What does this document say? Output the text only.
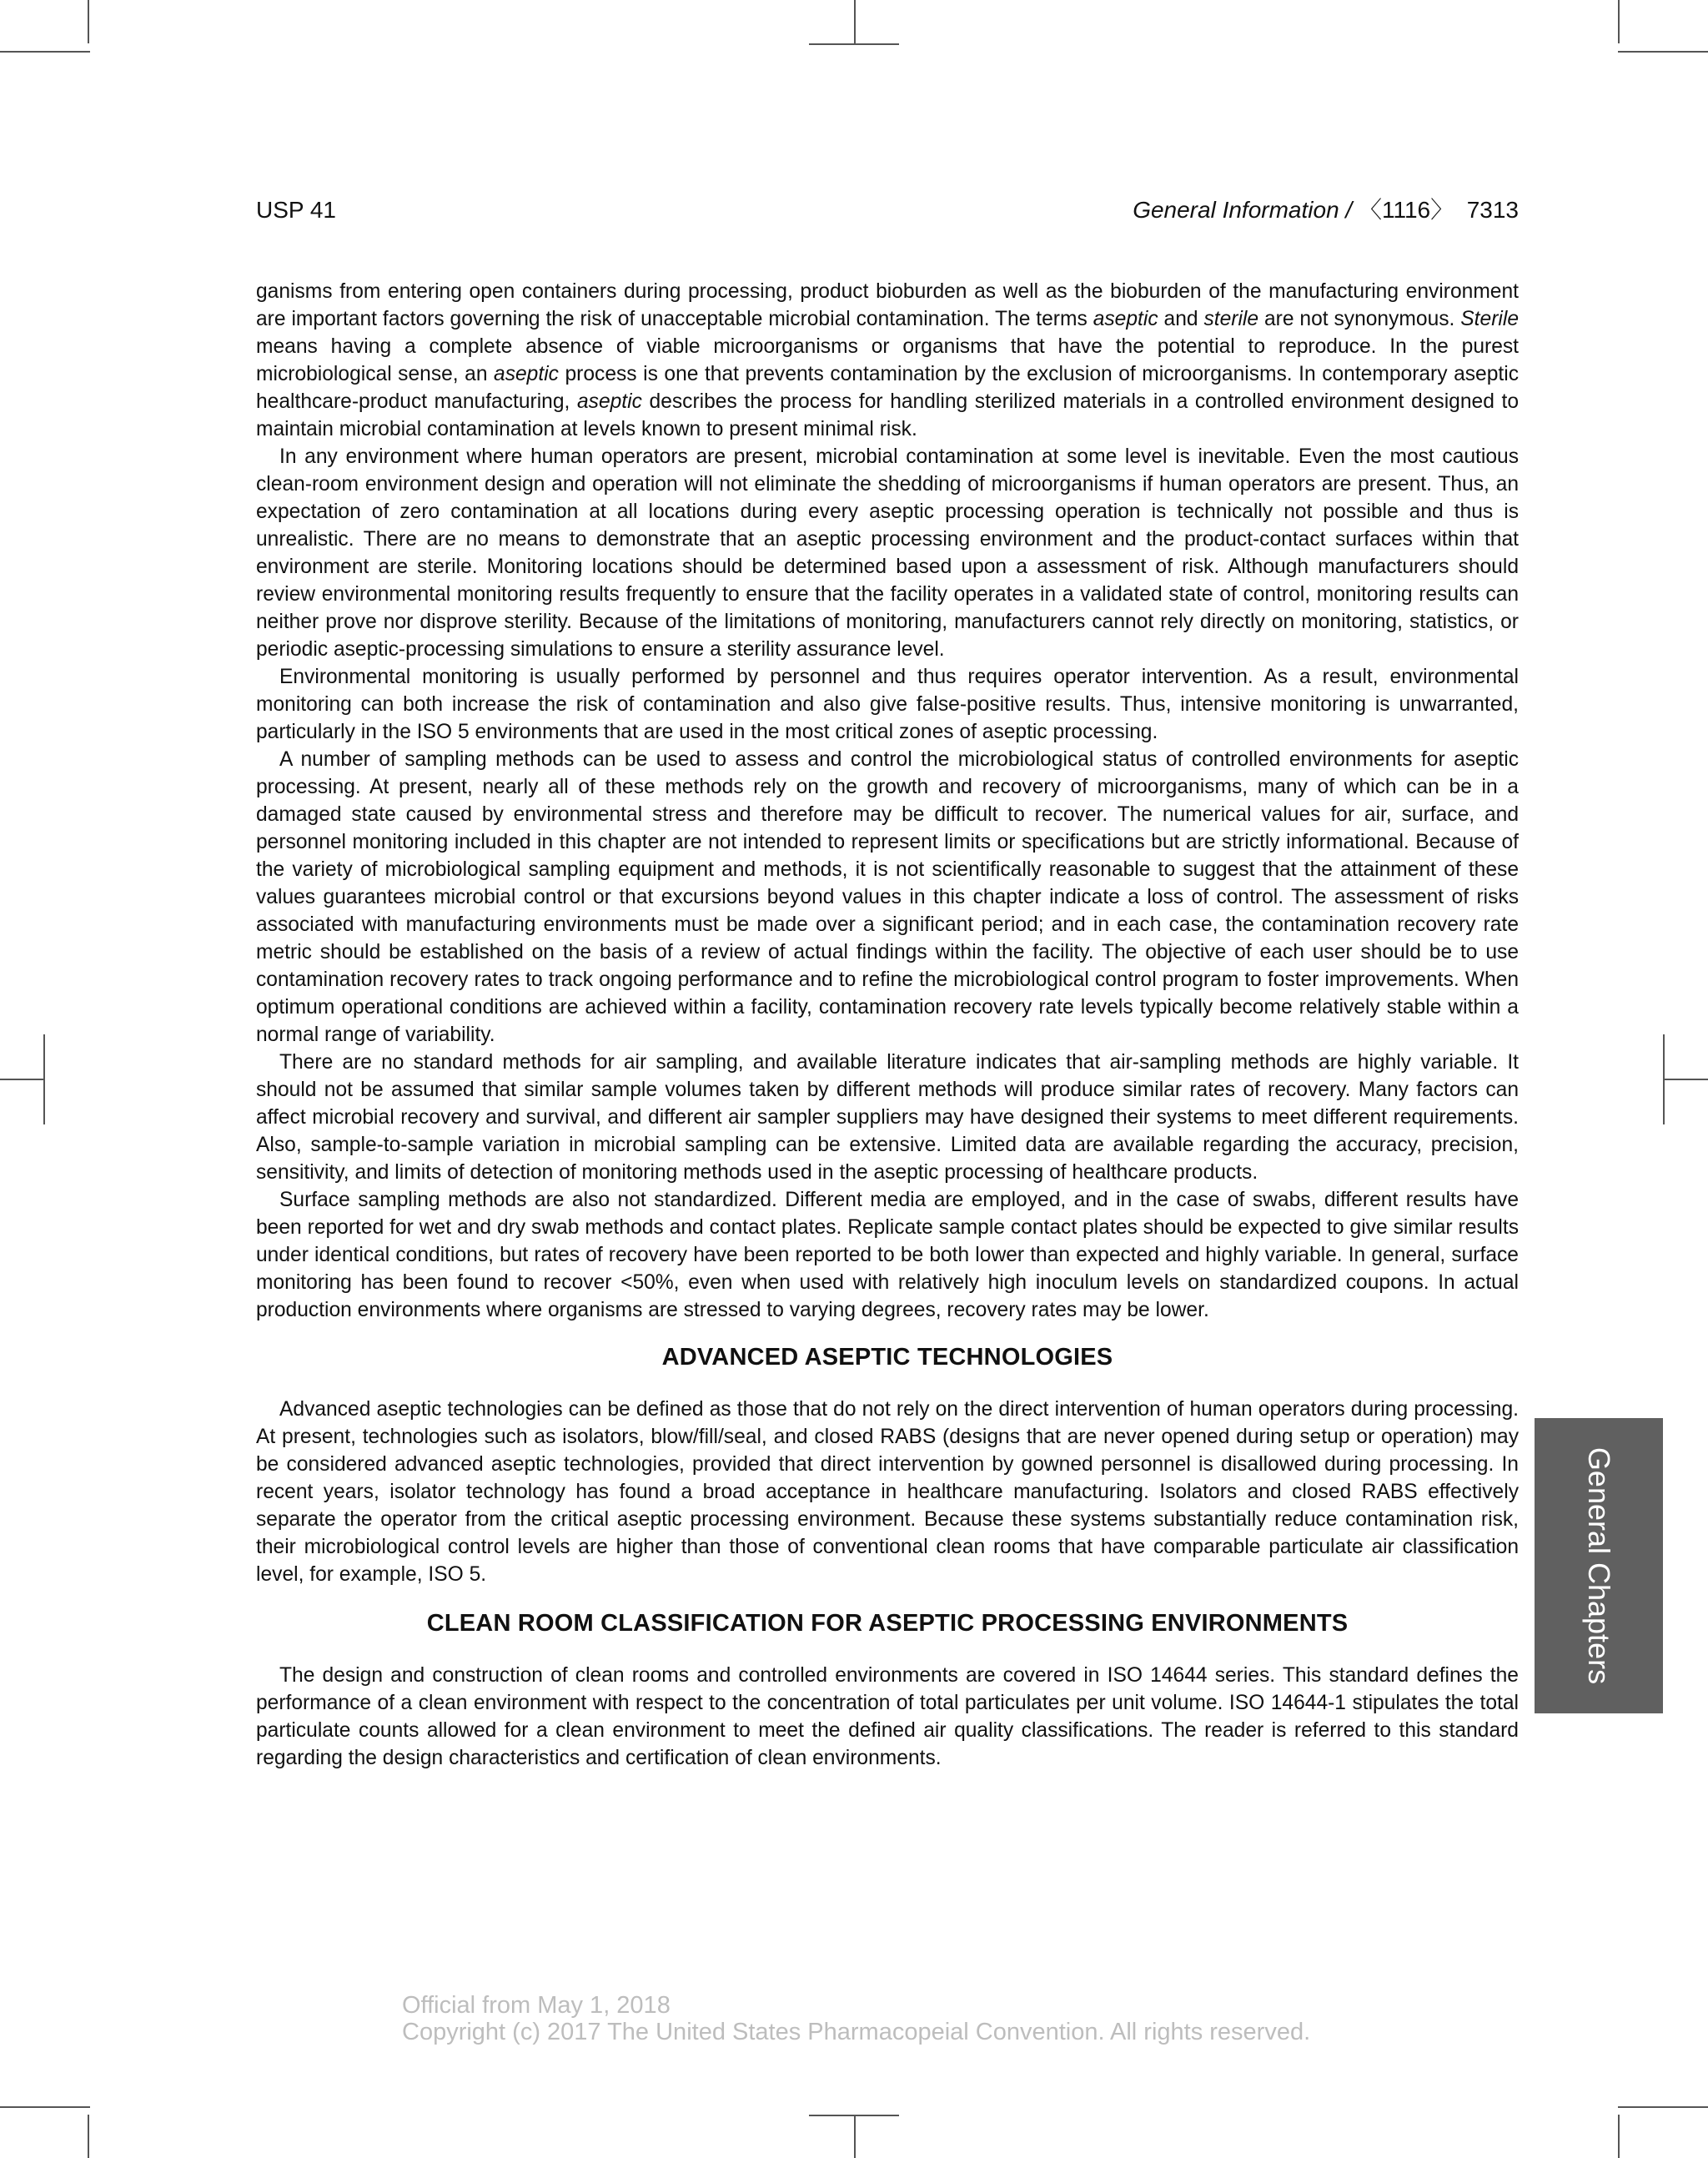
USP 41	General Information / 〈1116〉 7313

ganisms from entering open containers during processing, product bioburden as well as the bioburden of the manufacturing environment are important factors governing the risk of unacceptable microbial contamination. The terms aseptic and sterile are not synonymous. Sterile means having a complete absence of viable microorganisms or organisms that have the potential to reproduce. In the purest microbiological sense, an aseptic process is one that prevents contamination by the exclusion of microorganisms. In contemporary aseptic healthcare-product manufacturing, aseptic describes the process for handling sterilized materials in a controlled environment designed to maintain microbial contamination at levels known to present minimal risk.

In any environment where human operators are present, microbial contamination at some level is inevitable. Even the most cautious clean-room environment design and operation will not eliminate the shedding of microorganisms if human operators are present. Thus, an expectation of zero contamination at all locations during every aseptic processing operation is technically not possible and thus is unrealistic. There are no means to demonstrate that an aseptic processing environment and the product-contact surfaces within that environment are sterile. Monitoring locations should be determined based upon a assessment of risk. Although manufacturers should review environmental monitoring results frequently to ensure that the facility operates in a validated state of control, monitoring results can neither prove nor disprove sterility. Because of the limitations of monitoring, manufacturers cannot rely directly on monitoring, statistics, or periodic aseptic-processing simulations to ensure a sterility assurance level.

Environmental monitoring is usually performed by personnel and thus requires operator intervention. As a result, environmental monitoring can both increase the risk of contamination and also give false-positive results. Thus, intensive monitoring is unwarranted, particularly in the ISO 5 environments that are used in the most critical zones of aseptic processing.

A number of sampling methods can be used to assess and control the microbiological status of controlled environments for aseptic processing. At present, nearly all of these methods rely on the growth and recovery of microorganisms, many of which can be in a damaged state caused by environmental stress and therefore may be difficult to recover. The numerical values for air, surface, and personnel monitoring included in this chapter are not intended to represent limits or specifications but are strictly informational. Because of the variety of microbiological sampling equipment and methods, it is not scientifically reasonable to suggest that the attainment of these values guarantees microbial control or that excursions beyond values in this chapter indicate a loss of control. The assessment of risks associated with manufacturing environments must be made over a significant period; and in each case, the contamination recovery rate metric should be established on the basis of a review of actual findings within the facility. The objective of each user should be to use contamination recovery rates to track ongoing performance and to refine the microbiological control program to foster improvements. When optimum operational conditions are achieved within a facility, contamination recovery rate levels typically become relatively stable within a normal range of variability.

There are no standard methods for air sampling, and available literature indicates that air-sampling methods are highly variable. It should not be assumed that similar sample volumes taken by different methods will produce similar rates of recovery. Many factors can affect microbial recovery and survival, and different air sampler suppliers may have designed their systems to meet different requirements. Also, sample-to-sample variation in microbial sampling can be extensive. Limited data are available regarding the accuracy, precision, sensitivity, and limits of detection of monitoring methods used in the aseptic processing of healthcare products.

Surface sampling methods are also not standardized. Different media are employed, and in the case of swabs, different results have been reported for wet and dry swab methods and contact plates. Replicate sample contact plates should be expected to give similar results under identical conditions, but rates of recovery have been reported to be both lower than expected and highly variable. In general, surface monitoring has been found to recover <50%, even when used with relatively high inoculum levels on standardized coupons. In actual production environments where organisms are stressed to varying degrees, recovery rates may be lower.

ADVANCED ASEPTIC TECHNOLOGIES

Advanced aseptic technologies can be defined as those that do not rely on the direct intervention of human operators during processing. At present, technologies such as isolators, blow/fill/seal, and closed RABS (designs that are never opened during setup or operation) may be considered advanced aseptic technologies, provided that direct intervention by gowned personnel is disallowed during processing. In recent years, isolator technology has found a broad acceptance in healthcare manufacturing. Isolators and closed RABS effectively separate the operator from the critical aseptic processing environment. Because these systems substantially reduce contamination risk, their microbiological control levels are higher than those of conventional clean rooms that have comparable particulate air classification level, for example, ISO 5.

CLEAN ROOM CLASSIFICATION FOR ASEPTIC PROCESSING ENVIRONMENTS

The design and construction of clean rooms and controlled environments are covered in ISO 14644 series. This standard defines the performance of a clean environment with respect to the concentration of total particulates per unit volume. ISO 14644-1 stipulates the total particulate counts allowed for a clean environment to meet the defined air quality classifications. The reader is referred to this standard regarding the design characteristics and certification of clean environments.

General Chapters
Official from May 1, 2018
Copyright (c) 2017 The United States Pharmacopeial Convention. All rights reserved.
